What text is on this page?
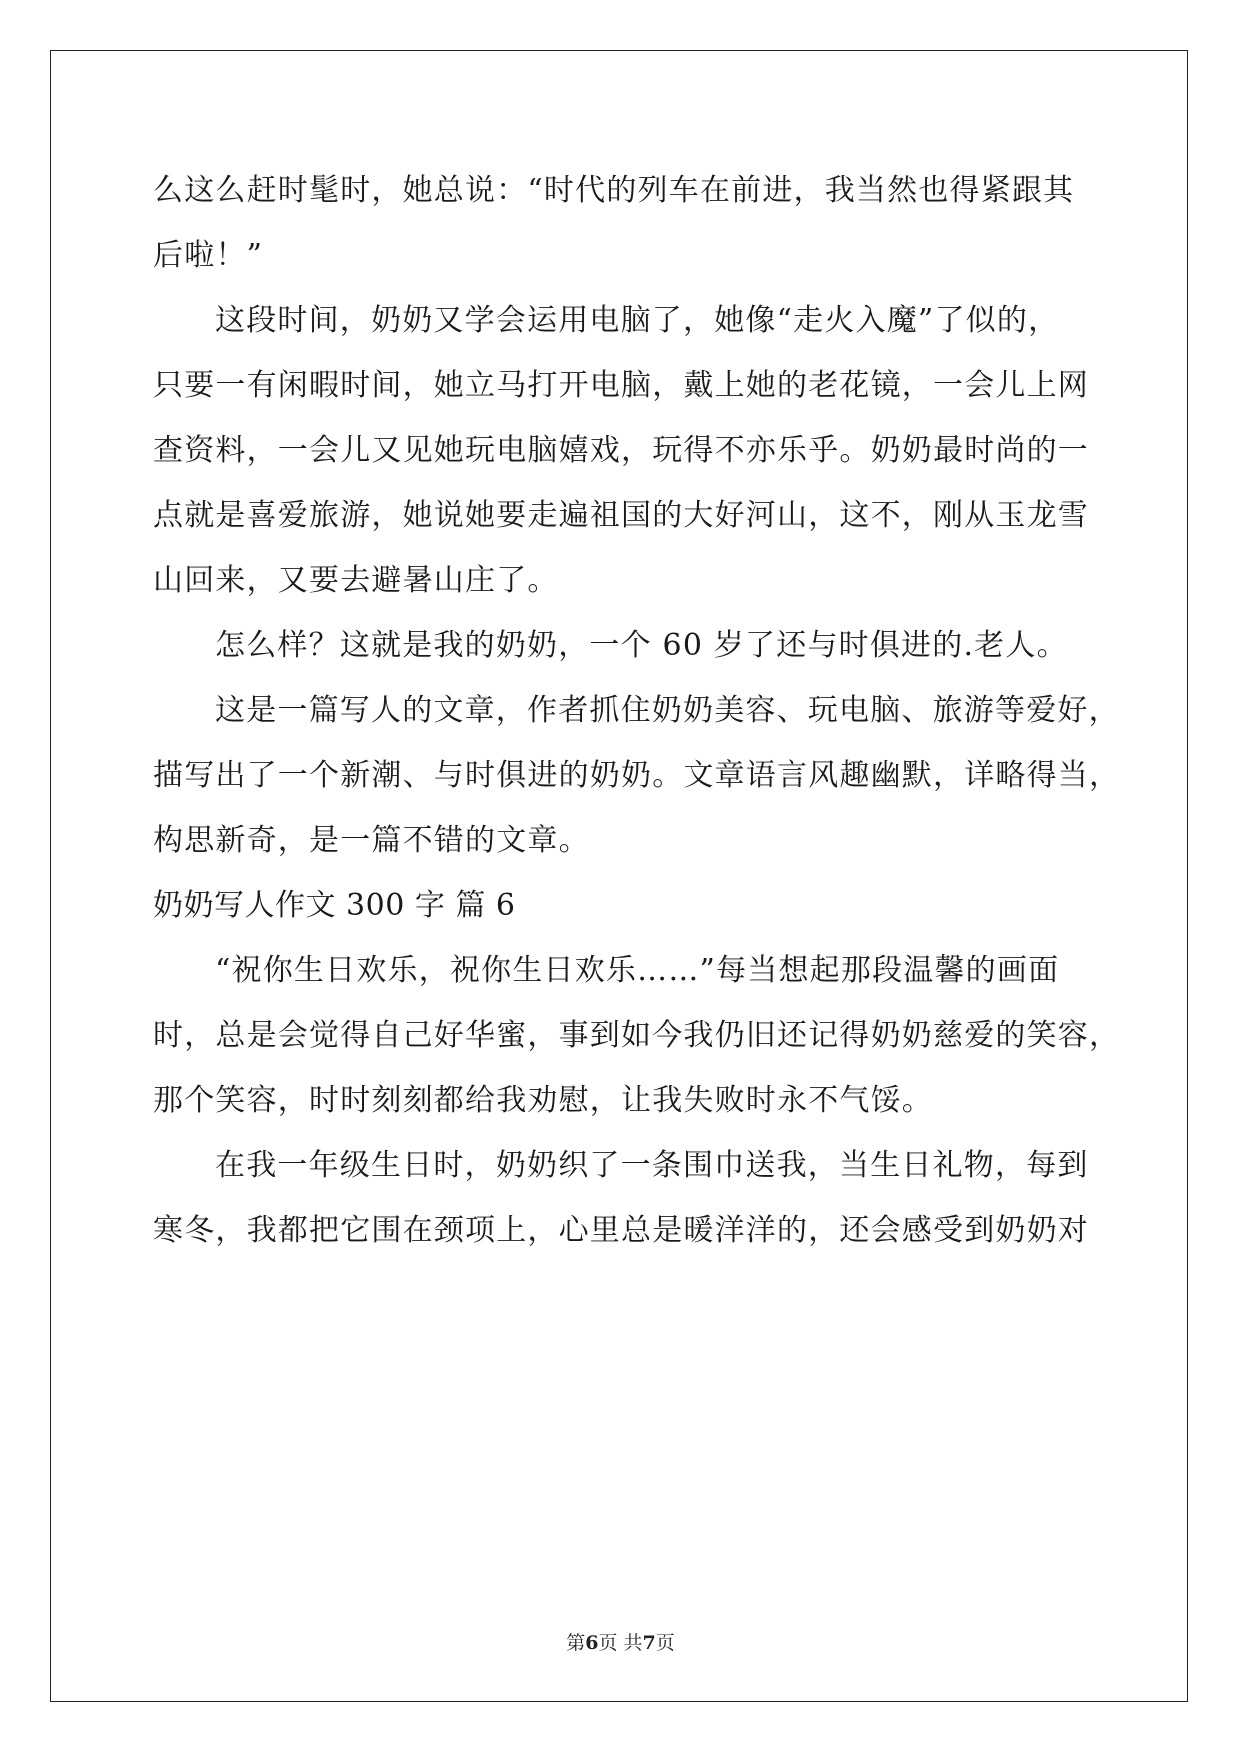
么这么赶时髦时，她总说：“时代的列车在前进，我当然也得紧跟其
后啦！”
这段时间，奶奶又学会运用电脑了，她像“走火入魔”了似的，
只要一有闲暇时间，她立马打开电脑，戴上她的老花镜，一会儿上网
查资料，一会儿又见她玩电脑嬉戏，玩得不亦乐乎。奶奶最时尚的一
点就是喜爱旅游，她说她要走遍祖国的大好河山，这不，刚从玉龙雪
山回来，又要去避暑山庄了。
怎么样？这就是我的奶奶，一个 60 岁了还与时俱进的.老人。
这是一篇写人的文章，作者抓住奶奶美容、玩电脑、旅游等爱好，
描写出了一个新潮、与时俱进的奶奶。文章语言风趣幽默，详略得当，
构思新奇，是一篇不错的文章。
奶奶写人作文 300 字 篇 6
“祝你生日欢乐，祝你生日欢乐……”每当想起那段温馨的画面
时，总是会觉得自己好华蜜，事到如今我仍旧还记得奶奶慈爱的笑容，
那个笑容，时时刻刻都给我劝慰，让我失败时永不气馁。
在我一年级生日时，奶奶织了一条围巾送我，当生日礼物，每到
寒冬，我都把它围在颈项上，心里总是暖洋洋的，还会感受到奶奶对
第6页 共7页
